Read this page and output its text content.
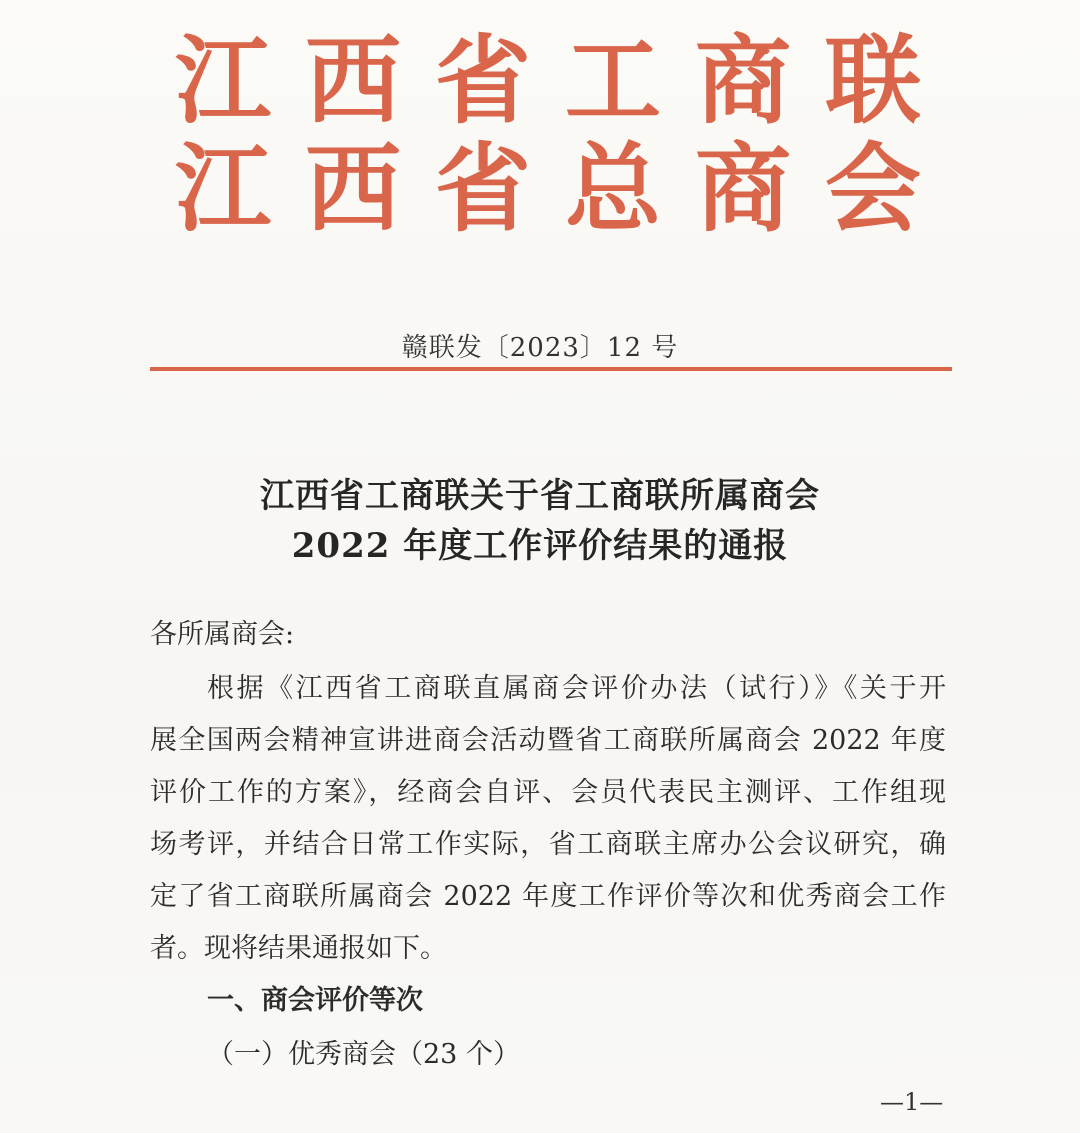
江 西 省 工 商 联
江 西 省 总 商 会
赣联发〔2023〕12 号
江西省工商联关于省工商联所属商会
2022 年度工作评价结果的通报
各所属商会:
根据《江西省工商联直属商会评价办法（试行）》《关于开
展全国两会精神宣讲进商会活动暨省工商联所属商会 2022 年度
评价工作的方案》，经商会自评、会员代表民主测评、工作组现
场考评，并结合日常工作实际，省工商联主席办公会议研究，确
定了省工商联所属商会 2022 年度工作评价等次和优秀商会工作
者。现将结果通报如下。
一、商会评价等次
（一）优秀商会（23 个）
—1—
